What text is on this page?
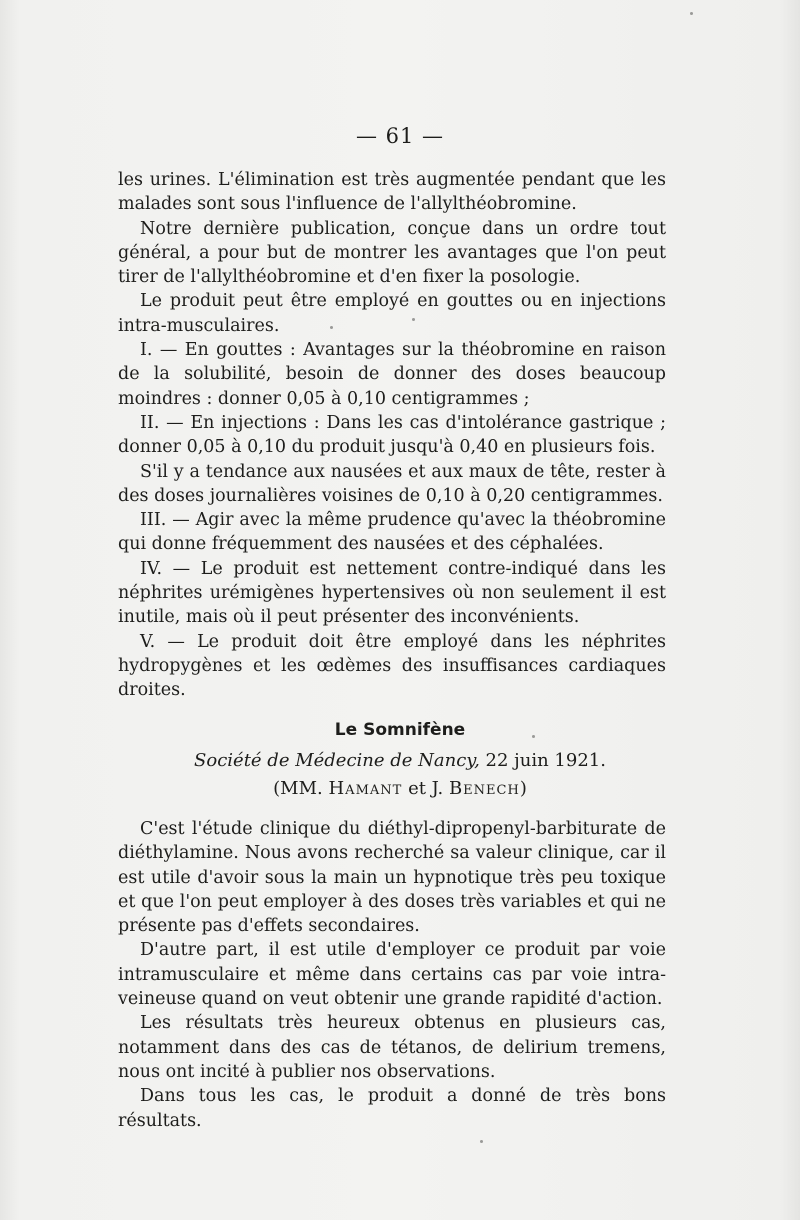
— 61 —

les urines. L'élimination est très augmentée pendant que les malades sont sous l'influence de l'allylthéobromine.

Notre dernière publication, conçue dans un ordre tout général, a pour but de montrer les avantages que l'on peut tirer de l'allylthéobromine et d'en fixer la posologie.

Le produit peut être employé en gouttes ou en injections intra-musculaires.

I. — En gouttes : Avantages sur la théobromine en raison de la solubilité, besoin de donner des doses beaucoup moindres : donner 0,05 à 0,10 centigrammes ;

II. — En injections : Dans les cas d'intolérance gastrique ; donner 0,05 à 0,10 du produit jusqu'à 0,40 en plusieurs fois.

S'il y a tendance aux nausées et aux maux de tête, rester à des doses journalières voisines de 0,10 à 0,20 centigrammes.

III. — Agir avec la même prudence qu'avec la théobromine qui donne fréquemment des nausées et des céphalées.

IV. — Le produit est nettement contre-indiqué dans les néphrites urémigènes hypertensives où non seulement il est inutile, mais où il peut présenter des inconvénients.

V. — Le produit doit être employé dans les néphrites hydropygènes et les œdèmes des insuffisances cardiaques droites.

Le Somnifène
Société de Médecine de Nancy, 22 juin 1921.
(MM. Hamant et J. Benech)

C'est l'étude clinique du diéthyl-dipropenyl-barbiturate de diéthylamine. Nous avons recherché sa valeur clinique, car il est utile d'avoir sous la main un hypnotique très peu toxique et que l'on peut employer à des doses très variables et qui ne présente pas d'effets secondaires.

D'autre part, il est utile d'employer ce produit par voie intramusculaire et même dans certains cas par voie intra-veineuse quand on veut obtenir une grande rapidité d'action.

Les résultats très heureux obtenus en plusieurs cas, notamment dans des cas de tétanos, de delirium tremens, nous ont incité à publier nos observations.

Dans tous les cas, le produit a donné de très bons résultats.
